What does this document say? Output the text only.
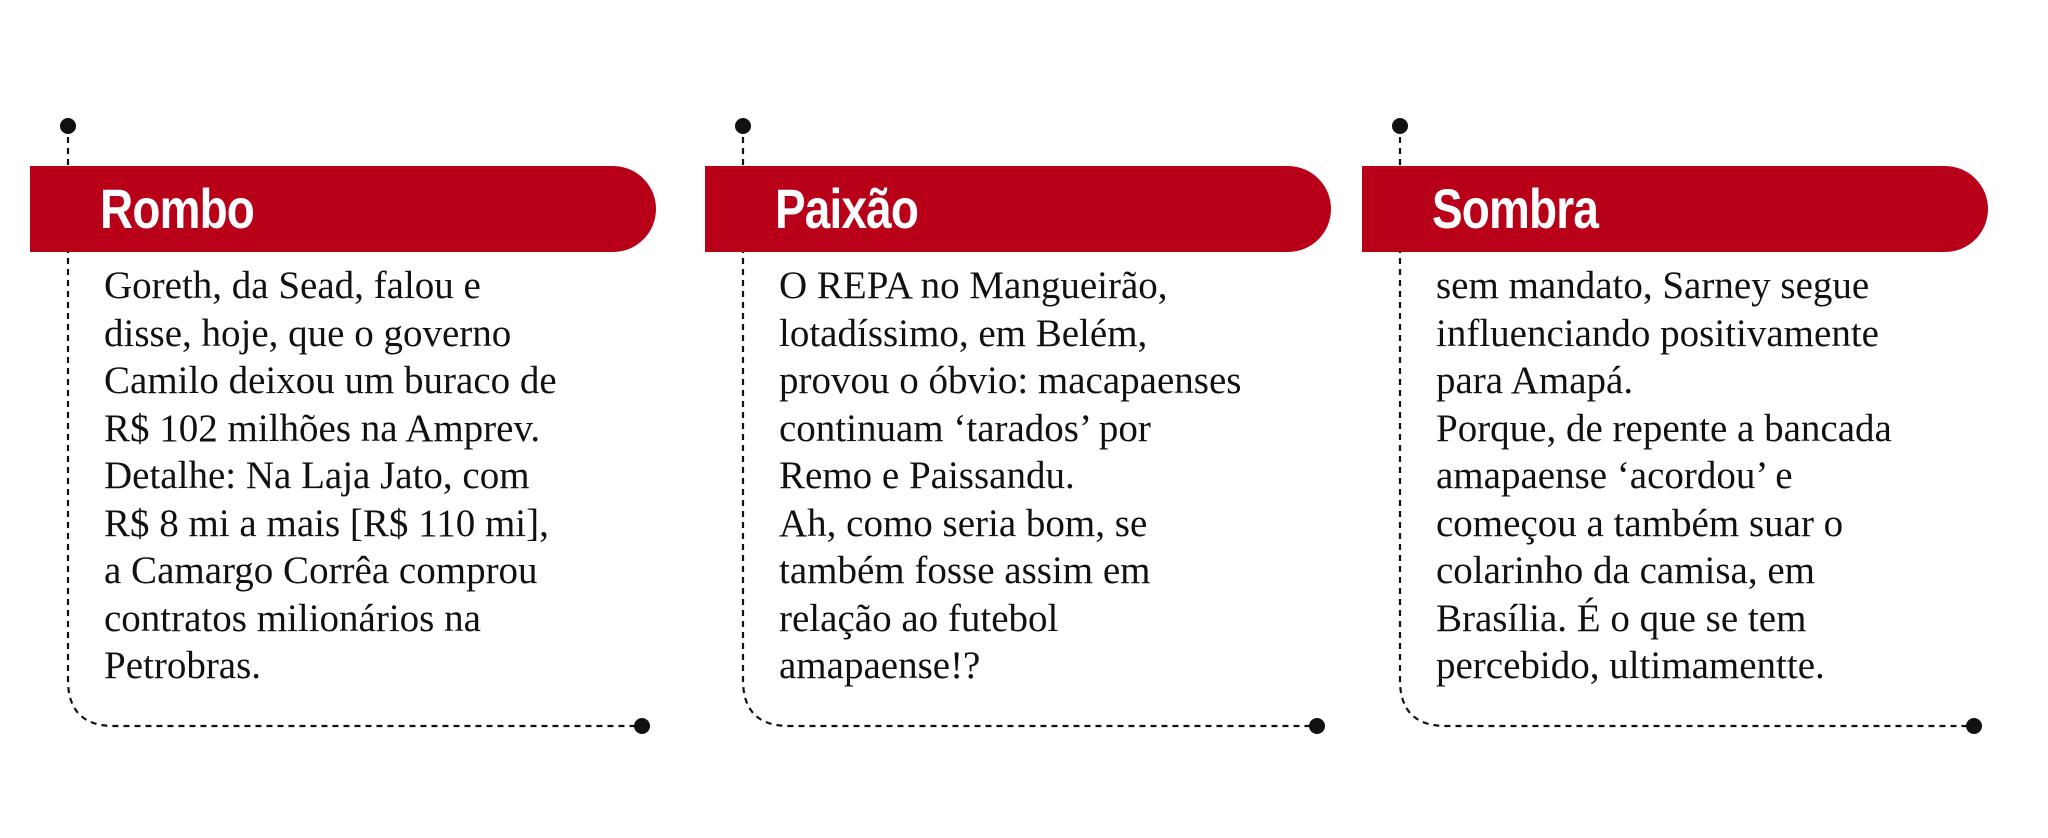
Rombo

Goreth, da Sead, falou e

disse, hoje, que o governo

Camilo deixou um buraco de

R$ 102 milhões na Amprev.

Detalhe: Na Laja Jato, com

R$ 8 mi a mais [R$ 110 mi],

a Camargo Corrêa comprou

contratos milionários na

Petrobras.

Paixão

O REPA no Mangueirão,

lotadíssimo, em Belém,

provou o óbvio: macapaenses

continuam ‘tarados’ por

Remo e Paissandu.

Ah, como seria bom, se

também fosse assim em

relação ao futebol

amapaense!?

Sombra

sem mandato, Sarney segue

influenciando positivamente

para Amapá.

Porque, de repente a bancada

amapaense ‘acordou’ e

começou a também suar o

colarinho da camisa, em

Brasília. É o que se tem

percebido, ultimamentte.
